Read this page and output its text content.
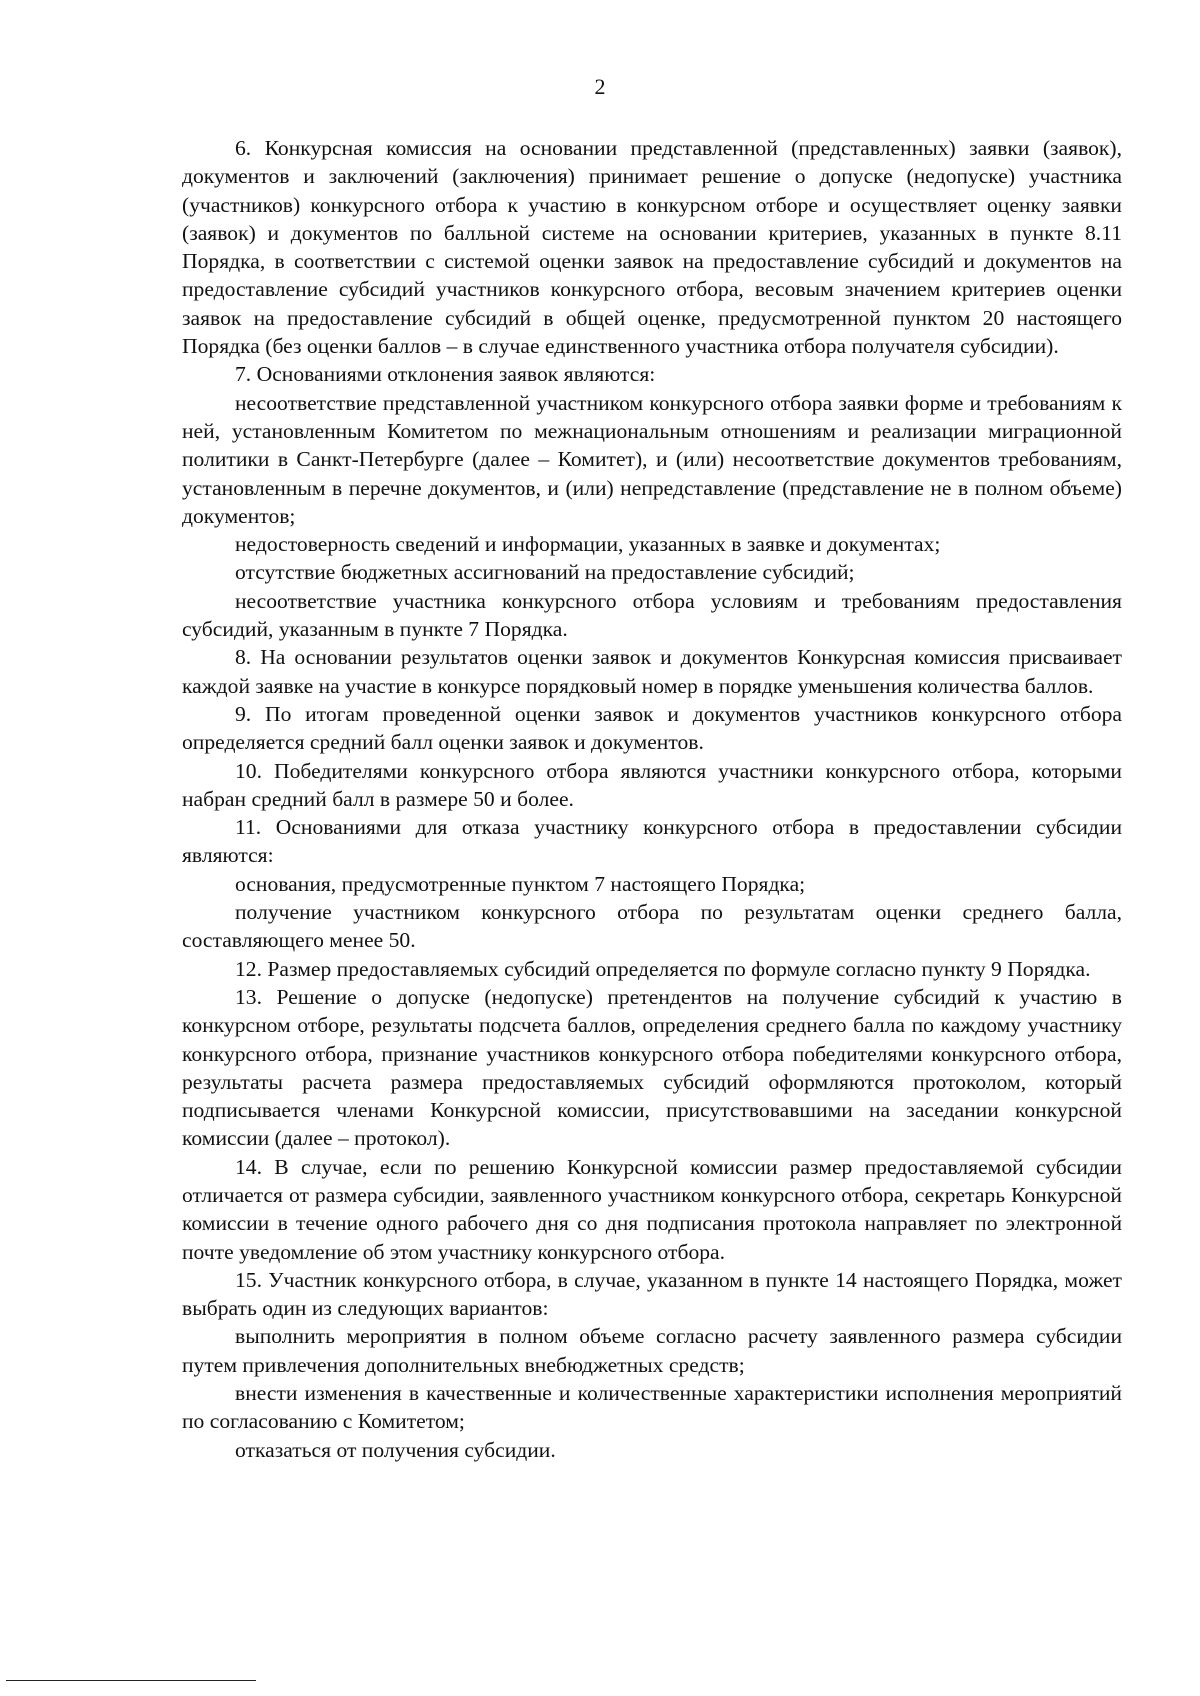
2

6. Конкурсная комиссия на основании представленной (представленных) заявки (заявок), документов и заключений (заключения) принимает решение о допуске (недопуске) участника (участников) конкурсного отбора к участию в конкурсном отборе и осуществляет оценку заявки (заявок) и документов по балльной системе на основании критериев, указанных в пункте 8.11 Порядка, в соответствии с системой оценки заявок на предоставление субсидий и документов на предоставление субсидий участников конкурсного отбора, весовым значением критериев оценки заявок на предоставление субсидий в общей оценке, предусмотренной пунктом 20 настоящего Порядка (без оценки баллов – в случае единственного участника отбора получателя субсидии).

7. Основаниями отклонения заявок являются:

несоответствие представленной участником конкурсного отбора заявки форме и требованиям к ней, установленным Комитетом по межнациональным отношениям и реализации миграционной политики в Санкт-Петербурге (далее – Комитет), и (или) несоответствие документов требованиям, установленным в перечне документов, и (или) непредставление (представление не в полном объеме) документов;

недостоверность сведений и информации, указанных в заявке и документах;

отсутствие бюджетных ассигнований на предоставление субсидий;

несоответствие участника конкурсного отбора условиям и требованиям предоставления субсидий, указанным в пункте 7 Порядка.

8. На основании результатов оценки заявок и документов Конкурсная комиссия присваивает каждой заявке на участие в конкурсе порядковый номер в порядке уменьшения количества баллов.

9. По итогам проведенной оценки заявок и документов участников конкурсного отбора определяется средний балл оценки заявок и документов.

10. Победителями конкурсного отбора являются участники конкурсного отбора, которыми набран средний балл в размере 50 и более.

11. Основаниями для отказа участнику конкурсного отбора в предоставлении субсидии являются:

основания, предусмотренные пунктом 7 настоящего Порядка;

получение участником конкурсного отбора по результатам оценки среднего балла, составляющего менее 50.

12. Размер предоставляемых субсидий определяется по формуле согласно пункту 9 Порядка.

13. Решение о допуске (недопуске) претендентов на получение субсидий к участию в конкурсном отборе, результаты подсчета баллов, определения среднего балла по каждому участнику конкурсного отбора, признание участников конкурсного отбора победителями конкурсного отбора, результаты расчета размера предоставляемых субсидий оформляются протоколом, который подписывается членами Конкурсной комиссии, присутствовавшими на заседании конкурсной комиссии (далее – протокол).

14. В случае, если по решению Конкурсной комиссии размер предоставляемой субсидии отличается от размера субсидии, заявленного участником конкурсного отбора, секретарь Конкурсной комиссии в течение одного рабочего дня со дня подписания протокола направляет по электронной почте уведомление об этом участнику конкурсного отбора.

15. Участник конкурсного отбора, в случае, указанном в пункте 14 настоящего Порядка, может выбрать один из следующих вариантов:

выполнить мероприятия в полном объеме согласно расчету заявленного размера субсидии путем привлечения дополнительных внебюджетных средств;

внести изменения в качественные и количественные характеристики исполнения мероприятий по согласованию с Комитетом;

отказаться от получения субсидии.
